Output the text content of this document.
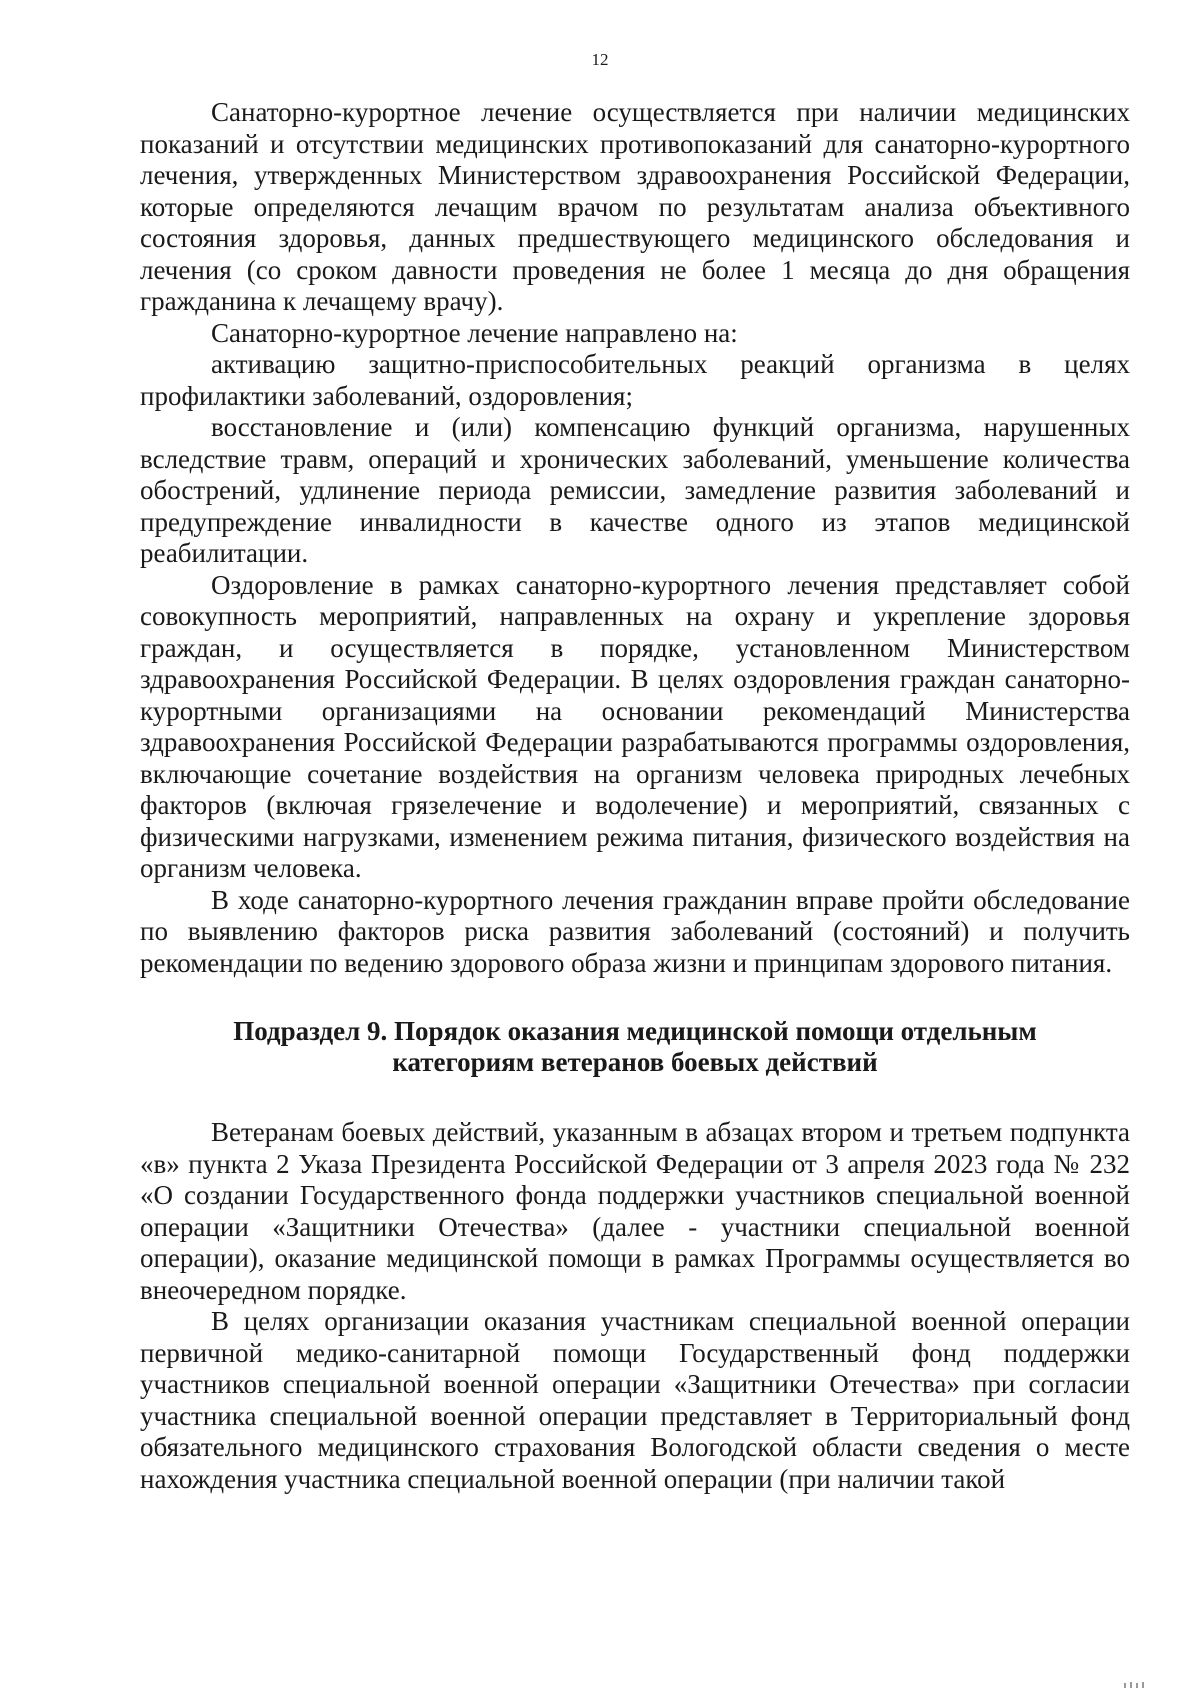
12

Санаторно-курортное лечение осуществляется при наличии медицинских показаний и отсутствии медицинских противопоказаний для санаторно-курортного лечения, утвержденных Министерством здравоохранения Российской Федерации, которые определяются лечащим врачом по результатам анализа объективного состояния здоровья, данных предшествующего медицинского обследования и лечения (со сроком давности проведения не более 1 месяца до дня обращения гражданина к лечащему врачу).

Санаторно-курортное лечение направлено на:

активацию защитно-приспособительных реакций организма в целях профилактики заболеваний, оздоровления;

восстановление и (или) компенсацию функций организма, нарушенных вследствие травм, операций и хронических заболеваний, уменьшение количества обострений, удлинение периода ремиссии, замедление развития заболеваний и предупреждение инвалидности в качестве одного из этапов медицинской реабилитации.

Оздоровление в рамках санаторно-курортного лечения представляет собой совокупность мероприятий, направленных на охрану и укрепление здоровья граждан, и осуществляется в порядке, установленном Министерством здравоохранения Российской Федерации. В целях оздоровления граждан санаторно-курортными организациями на основании рекомендаций Министерства здравоохранения Российской Федерации разрабатываются программы оздоровления, включающие сочетание воздействия на организм человека природных лечебных факторов (включая грязелечение и водолечение) и мероприятий, связанных с физическими нагрузками, изменением режима питания, физического воздействия на организм человека.

В ходе санаторно-курортного лечения гражданин вправе пройти обследование по выявлению факторов риска развития заболеваний (состояний) и получить рекомендации по ведению здорового образа жизни и принципам здорового питания.

Подраздел 9. Порядок оказания медицинской помощи отдельным
категориям ветеранов боевых действий

Ветеранам боевых действий, указанным в абзацах втором и третьем подпункта «в» пункта 2 Указа Президента Российской Федерации от 3 апреля 2023 года № 232 «О создании Государственного фонда поддержки участников специальной военной операции «Защитники Отечества» (далее - участники специальной военной операции), оказание медицинской помощи в рамках Программы осуществляется во внеочередном порядке.

В целях организации оказания участникам специальной военной операции первичной медико-санитарной помощи Государственный фонд поддержки участников специальной военной операции «Защитники Отечества» при согласии участника специальной военной операции представляет в Территориальный фонд обязательного медицинского страхования Вологодской области сведения о месте нахождения участника специальной военной операции (при наличии такой
